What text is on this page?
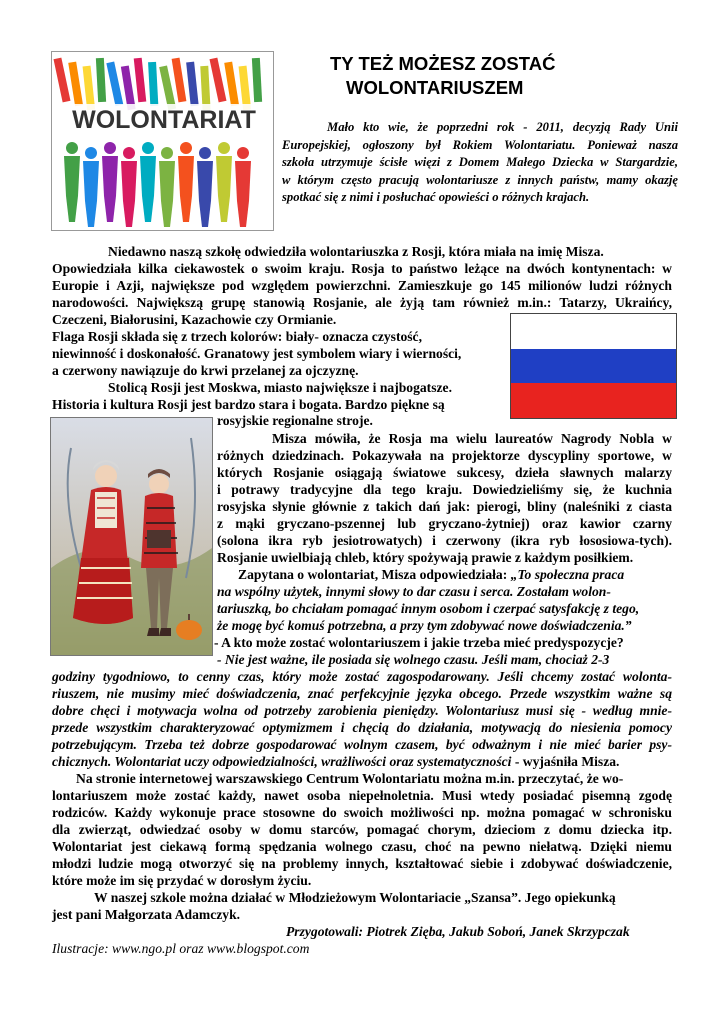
WOLONTARIAT
TY TEŻ MOŻESZ ZOSTAĆ
WOLONTARIUSZEM
Mało kto wie, że poprzedni rok - 2011, decyzją Rady Unii
Europejskiej, ogłoszony był Rokiem Wolontariatu. Ponieważ nasza
szkoła utrzymuje ścisłe więzi z Domem Małego Dziecka w Stargardzie,
w którym często pracują wolontariusze z innych państw, mamy okazję
spotkać się z nimi i posłuchać opowieści o różnych krajach.
Niedawno naszą szkołę odwiedziła wolontariuszka z Rosji, która miała na imię Misza.
Opowiedziała kilka ciekawostek o swoim kraju. Rosja to państwo leżące na dwóch kontynentach: w
Europie i Azji, największe pod względem powierzchni. Zamieszkuje go 145 milionów ludzi różnych
narodowości. Największą grupę stanowią Rosjanie, ale żyją tam również m.in.: Tatarzy, Ukraińcy,
Czeczeni, Białorusini, Kazachowie czy Ormianie.
Flaga Rosji składa się z trzech kolorów: biały- oznacza czystość,
niewinność i doskonałość. Granatowy jest symbolem wiary i wierności,
a czerwony nawiązuje do krwi przelanej za ojczyznę.
Stolicą Rosji jest Moskwa, miasto największe i najbogatsze.
Historia i kultura Rosji jest bardzo stara i bogata. Bardzo piękne są
rosyjskie regionalne stroje.
Misza mówiła, że Rosja ma wielu laureatów Nagrody Nobla w
różnych dziedzinach. Pokazywała na projektorze dyscypliny sportowe, w
których Rosjanie osiągają światowe sukcesy, dzieła sławnych malarzy
i potrawy tradycyjne dla tego kraju. Dowiedzieliśmy się, że kuchnia
rosyjska słynie głównie z takich dań jak: pierogi, bliny (naleśniki z ciasta
z mąki gryczano-pszennej lub gryczano-żytniej) oraz kawior czarny
(solona ikra ryb jesiotrowatych) i czerwony (ikra ryb łososiowa-tych).
Rosjanie uwielbiają chleb, który spożywają prawie z każdym posiłkiem.
Zapytana o wolontariat, Misza odpowiedziała: „To społeczna praca
na wspólny użytek, innymi słowy to dar czasu i serca. Zostałam wolon-
tariuszką, bo chciałam pomagać innym osobom i czerpać satysfakcję z tego,
że mogę być komuś potrzebna, a przy tym zdobywać nowe doświadczenia.”
- A kto może zostać wolontariuszem i jakie trzeba mieć predyspozycje?
- Nie jest ważne, ile posiada się wolnego czasu. Jeśli mam, chociaż 2-3
godziny tygodniowo, to cenny czas, który może zostać zagospodarowany. Jeśli chcemy zostać wolonta-
riuszem, nie musimy mieć doświadczenia, znać perfekcyjnie języka obcego. Przede wszystkim ważne są
dobre chęci i motywacja wolna od potrzeby zarobienia pieniędzy. Wolontariusz musi się - według mnie-
przede wszystkim charakteryzować optymizmem i chęcią do działania, motywacją do niesienia pomocy
potrzebującym. Trzeba też dobrze gospodarować wolnym czasem, być odważnym i nie mieć barier psy-
chicznych. Wolontariat uczy odpowiedzialności, wrażliwości oraz systematyczności - wyjaśniła Misza.
Na stronie internetowej warszawskiego Centrum Wolontariatu można m.in. przeczytać, że wo-
lontariuszem może zostać każdy, nawet osoba niepełnoletnia. Musi wtedy posiadać pisemną zgodę
rodziców. Każdy wykonuje prace stosowne do swoich możliwości np. można pomagać w schronisku
dla zwierząt, odwiedzać osoby w domu starców, pomagać chorym, dzieciom z domu dziecka itp.
Wolontariat jest ciekawą formą spędzania wolnego czasu, choć na pewno niełatwą. Dzięki niemu
młodzi ludzie mogą otworzyć się na problemy innych, kształtować siebie i zdobywać doświadczenie,
które może im się przydać w dorosłym życiu.
W naszej szkole można działać w Młodzieżowym Wolontariacie „Szansa”. Jego opiekunką
jest pani Małgorzata Adamczyk.
Przygotowali: Piotrek Zięba, Jakub Soboń, Janek Skrzypczak
Ilustracje: www.ngo.pl oraz www.blogspot.com
